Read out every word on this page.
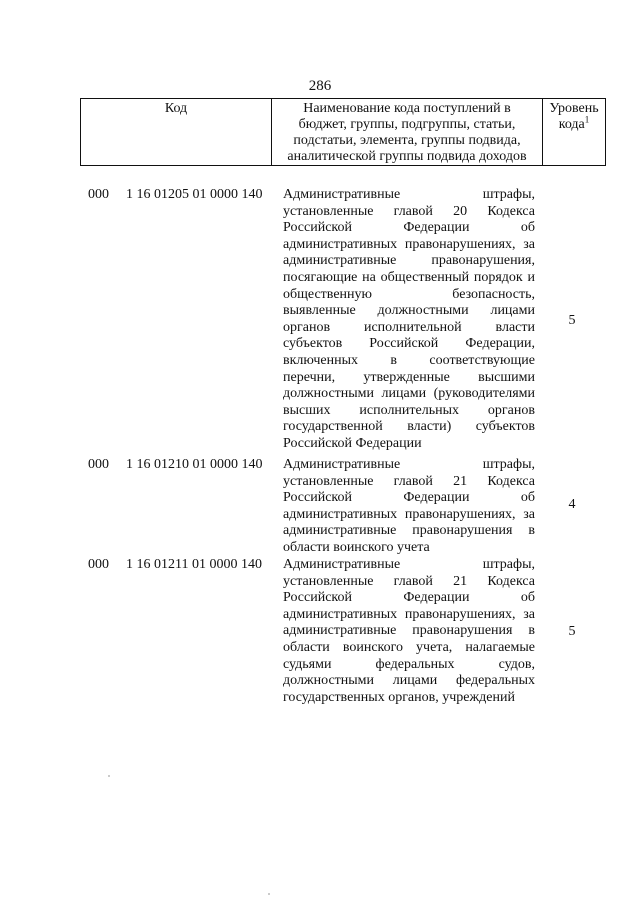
286
Код	Наименование кода поступлений в
бюджет, группы, подгруппы, статьи,
подстатьи, элемента, группы подвида,
аналитической группы подвида доходов
Уровень
кода$^1$
000 1 16 01205 01 0000 140 Административные штрафы,
установленные главой 20 Кодекса
Российской Федерации об
административных правонарушениях, за
административные правонарушения,
посягающие на общественный порядок и
общественную безопасность,
выявленные должностными лицами
органов исполнительной власти
субъектов Российской Федерации,
включенных в соответствующие
перечни, утвержденные высшими
должностными лицами (руководителями
высших исполнительных органов
государственной власти) субъектов
Российской Федерации
5
000 1 16 01210 01 0000 140 Административные штрафы,
установленные главой 21 Кодекса
Российской Федерации об
административных правонарушениях, за
административные правонарушения в
области воинского учета
4
000 1 16 01211 01 0000 140 Административные штрафы,
установленные главой 21 Кодекса
Российской Федерации об
административных правонарушениях, за
административные правонарушения в
области воинского учета, налагаемые
судьями федеральных судов,
должностными лицами федеральных
государственных органов, учреждений
5
